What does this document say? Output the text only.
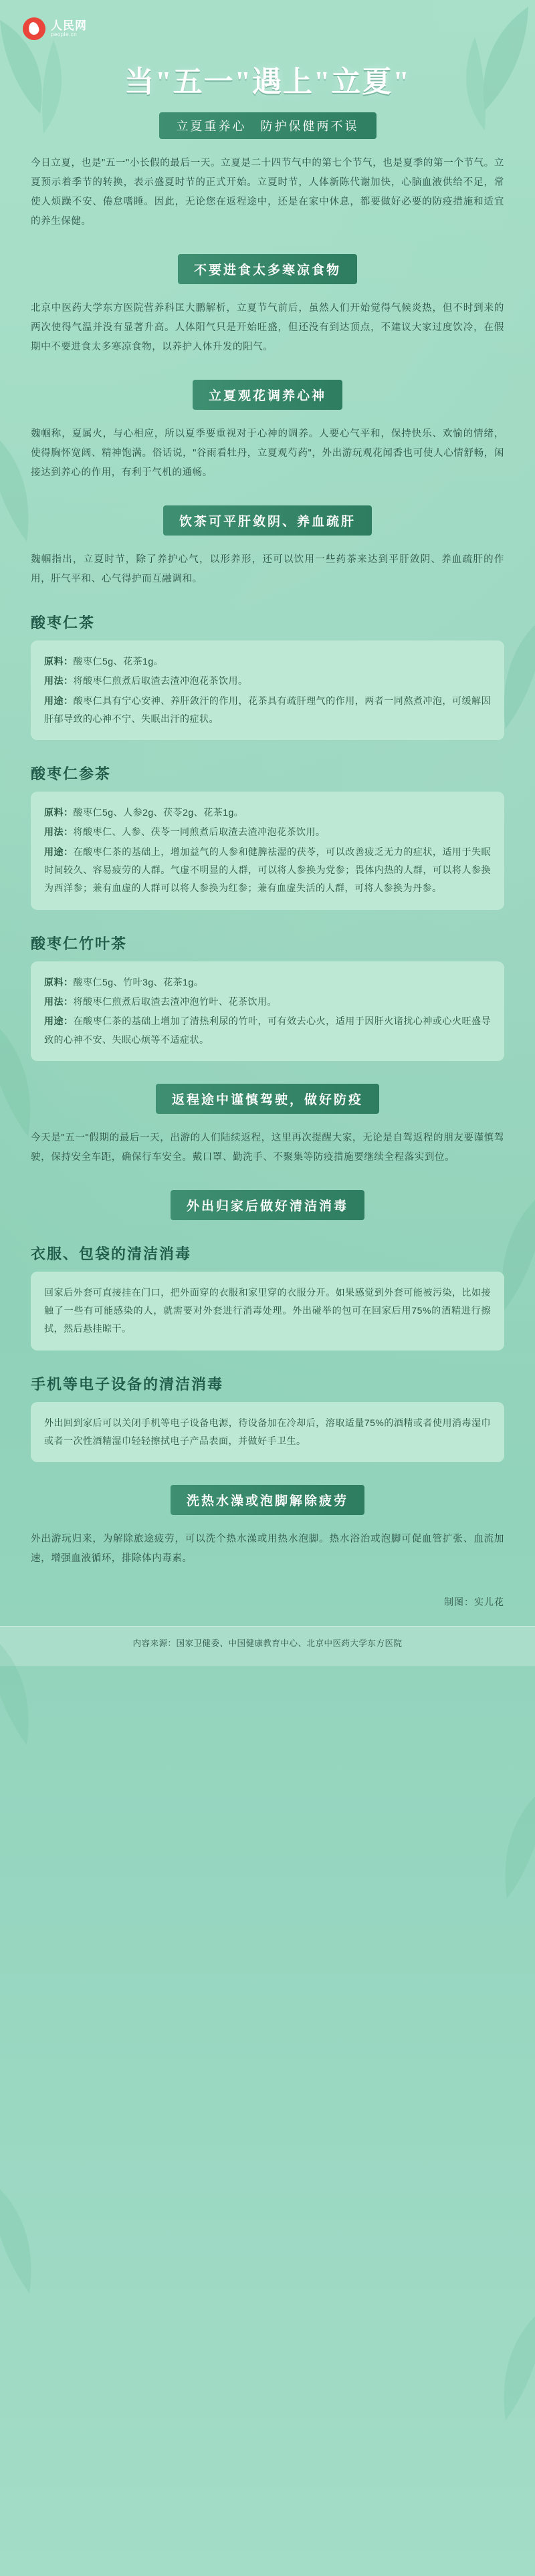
人民网
people.cn
当"五一"遇上"立夏"
立夏重养心　防护保健两不误

今日立夏，也是"五一"小长假的最后一天。立夏是二十四节气中的第七个节气，也是夏季的第一个节气。立夏预示着季节的转换，表示盛夏时节的正式开始。立夏时节，人体新陈代谢加快，心脑血液供给不足，常使人烦躁不安、倦怠嗜睡。因此，无论您在返程途中，还是在家中休息，都要做好必要的防疫措施和适宜的养生保健。

不要进食太多寒凉食物

北京中医药大学东方医院营养科匡大鹏解析，立夏节气前后，虽然人们开始觉得气候炎热，但不时到来的两次使得气温并没有显著升高。人体阳气只是开始旺盛，但还没有到达顶点，不建议大家过度饮冷，在假期中不要进食太多寒凉食物，以养护人体升发的阳气。

立夏观花调养心神

魏帼称，夏属火，与心相应，所以夏季要重视对于心神的调养。人要心气平和，保持快乐、欢愉的情绪，使得胸怀宽阔、精神饱满。俗话说，"谷雨看牡丹，立夏观芍药"，外出游玩观花闻香也可使人心情舒畅，闲接达到养心的作用，有利于气机的通畅。

饮茶可平肝敛阴、养血疏肝

魏帼指出，立夏时节，除了养护心气，以形养形，还可以饮用一些药茶来达到平肝敛阴、养血疏肝的作用，肝气平和、心气得护而互融调和。

酸枣仁茶
原料：酸枣仁5g、花茶1g。
用法：将酸枣仁煎煮后取渣去渣冲泡花茶饮用。
用途：酸枣仁具有宁心安神、养肝敛汗的作用，花茶具有疏肝理气的作用，两者一同熬煮冲泡，可缓解因肝郁导致的心神不宁、失眠出汗的症状。
酸枣仁参茶
原料：酸枣仁5g、人参2g、茯苓2g、花茶1g。
用法：将酸枣仁、人参、茯苓一同煎煮后取渣去渣冲泡花茶饮用。
用途：在酸枣仁茶的基础上，增加益气的人参和健脾祛湿的茯苓，可以改善疲乏无力的症状，适用于失眠时间较久、容易疲劳的人群。气虚不明显的人群，可以将人参换为党参；畏体内热的人群，可以将人参换为西洋参；兼有血虚的人群可以将人参换为红参；兼有血虚失活的人群，可将人参换为丹参。
酸枣仁竹叶茶
原料：酸枣仁5g、竹叶3g、花茶1g。
用法：将酸枣仁煎煮后取渣去渣冲泡竹叶、花茶饮用。
用途：在酸枣仁茶的基础上增加了清热利尿的竹叶，可有效去心火，适用于因肝火诸扰心神或心火旺盛导致的心神不安、失眠心烦等不适症状。
返程途中谨慎驾驶，做好防疫

今天是"五一"假期的最后一天，出游的人们陆续返程，这里再次提醒大家，无论是自驾返程的朋友要谨慎驾驶，保持安全车距，确保行车安全。戴口罩、勤洗手、不聚集等防疫措施要继续全程落实到位。

外出归家后做好清洁消毒
衣服、包袋的清洁消毒
回家后外套可直接挂在门口，把外面穿的衣服和家里穿的衣服分开。如果感觉到外套可能被污染，比如接触了一些有可能感染的人，就需要对外套进行消毒处理。外出碰举的包可在回家后用75%的酒精进行擦拭，然后悬挂晾干。
手机等电子设备的清洁消毒
外出回到家后可以关闭手机等电子设备电源，待设备加在冷却后，溶取适量75%的酒精或者使用消毒湿巾或者一次性酒精湿巾轻轻擦拭电子产品表面，并做好手卫生。
洗热水澡或泡脚解除疲劳

外出游玩归来，为解除旅途疲劳，可以洗个热水澡或用热水泡脚。热水浴治或泡脚可促血管扩张、血流加速，增强血液循环，排除体内毒素。

制图：实儿花
内容来源：国家卫健委、中国健康教育中心、北京中医药大学东方医院
